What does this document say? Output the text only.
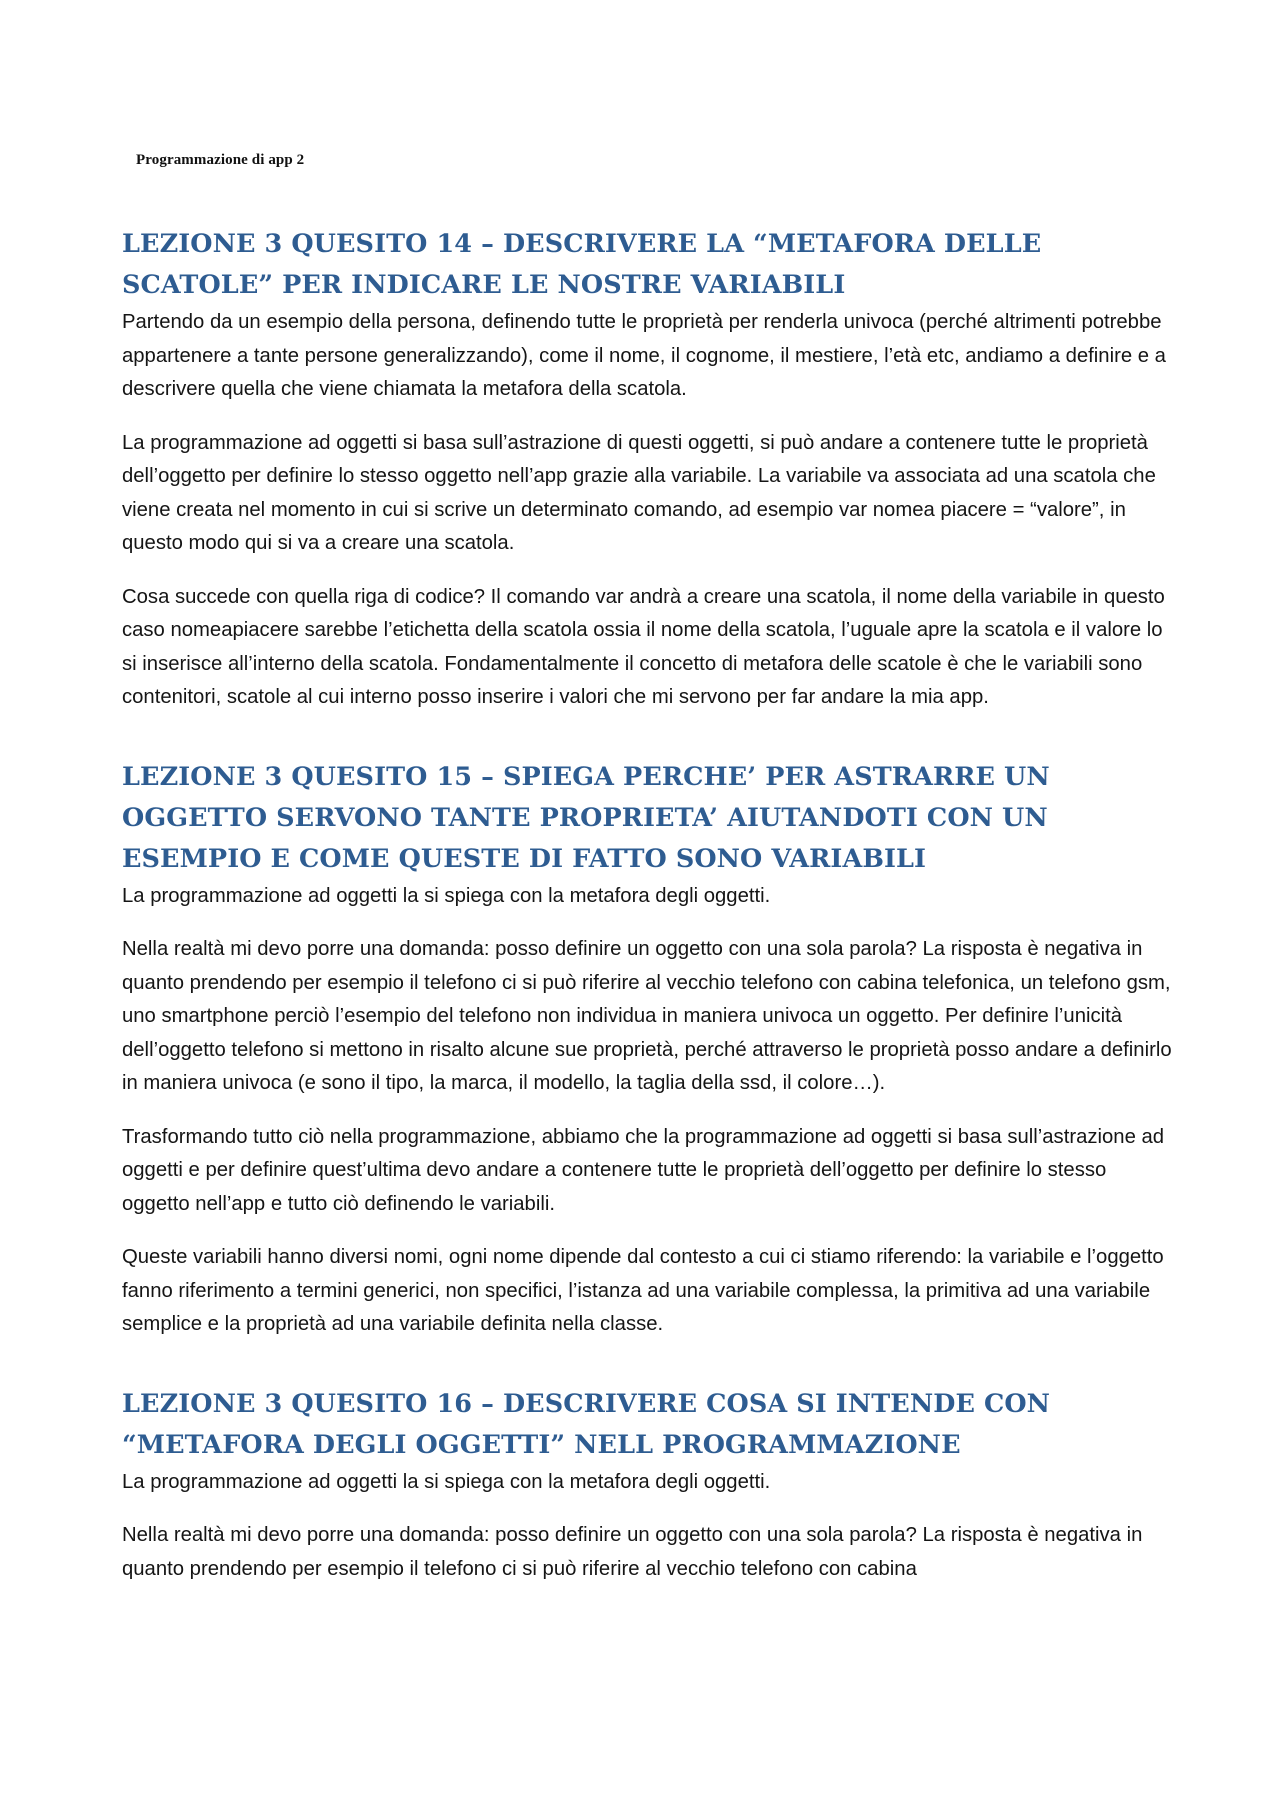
Programmazione di app 2
LEZIONE 3 QUESITO 14 – DESCRIVERE LA “METAFORA DELLE SCATOLE” PER INDICARE LE NOSTRE VARIABILI

Partendo da un esempio della persona, definendo tutte le proprietà per renderla univoca (perché altrimenti potrebbe appartenere a tante persone generalizzando), come il nome, il cognome, il mestiere, l’età etc, andiamo a definire e a descrivere quella che viene chiamata la metafora della scatola.

La programmazione ad oggetti si basa sull’astrazione di questi oggetti, si può andare a contenere tutte le proprietà dell’oggetto per definire lo stesso oggetto nell’app grazie alla variabile. La variabile va associata ad una scatola che viene creata nel momento in cui si scrive un determinato comando, ad esempio var nomea piacere = “valore”, in questo modo qui si va a creare una scatola.

Cosa succede con quella riga di codice? Il comando var andrà a creare una scatola, il nome della variabile in questo caso nomeapiacere sarebbe l’etichetta della scatola ossia il nome della scatola, l’uguale apre la scatola e il valore lo si inserisce all’interno della scatola. Fondamentalmente il concetto di metafora delle scatole è che le variabili sono contenitori, scatole al cui interno posso inserire i valori che mi servono per far andare la mia app.

LEZIONE 3 QUESITO 15 – SPIEGA PERCHE’ PER ASTRARRE UN OGGETTO SERVONO TANTE PROPRIETA’ AIUTANDOTI CON UN ESEMPIO E COME QUESTE DI FATTO SONO VARIABILI

La programmazione ad oggetti la si spiega con la metafora degli oggetti.

Nella realtà mi devo porre una domanda: posso definire un oggetto con una sola parola? La risposta è negativa in quanto prendendo per esempio il telefono ci si può riferire al vecchio telefono con cabina telefonica, un telefono gsm, uno smartphone perciò l’esempio del telefono non individua in maniera univoca un oggetto. Per definire l’unicità dell’oggetto telefono si mettono in risalto alcune sue proprietà, perché attraverso le proprietà posso andare a definirlo in maniera univoca (e sono il tipo, la marca, il modello, la taglia della ssd, il colore…).

Trasformando tutto ciò nella programmazione, abbiamo che la programmazione ad oggetti si basa sull’astrazione ad oggetti e per definire quest’ultima devo andare a contenere tutte le proprietà dell’oggetto per definire lo stesso oggetto nell’app e tutto ciò definendo le variabili.

Queste variabili hanno diversi nomi, ogni nome dipende dal contesto a cui ci stiamo riferendo: la variabile e l’oggetto fanno riferimento a termini generici, non specifici, l’istanza ad una variabile complessa, la primitiva ad una variabile semplice e la proprietà ad una variabile definita nella classe.

LEZIONE 3 QUESITO 16 – DESCRIVERE COSA SI INTENDE CON “METAFORA DEGLI OGGETTI” NELL PROGRAMMAZIONE

La programmazione ad oggetti la si spiega con la metafora degli oggetti.

Nella realtà mi devo porre una domanda: posso definire un oggetto con una sola parola? La risposta è negativa in quanto prendendo per esempio il telefono ci si può riferire al vecchio telefono con cabina
